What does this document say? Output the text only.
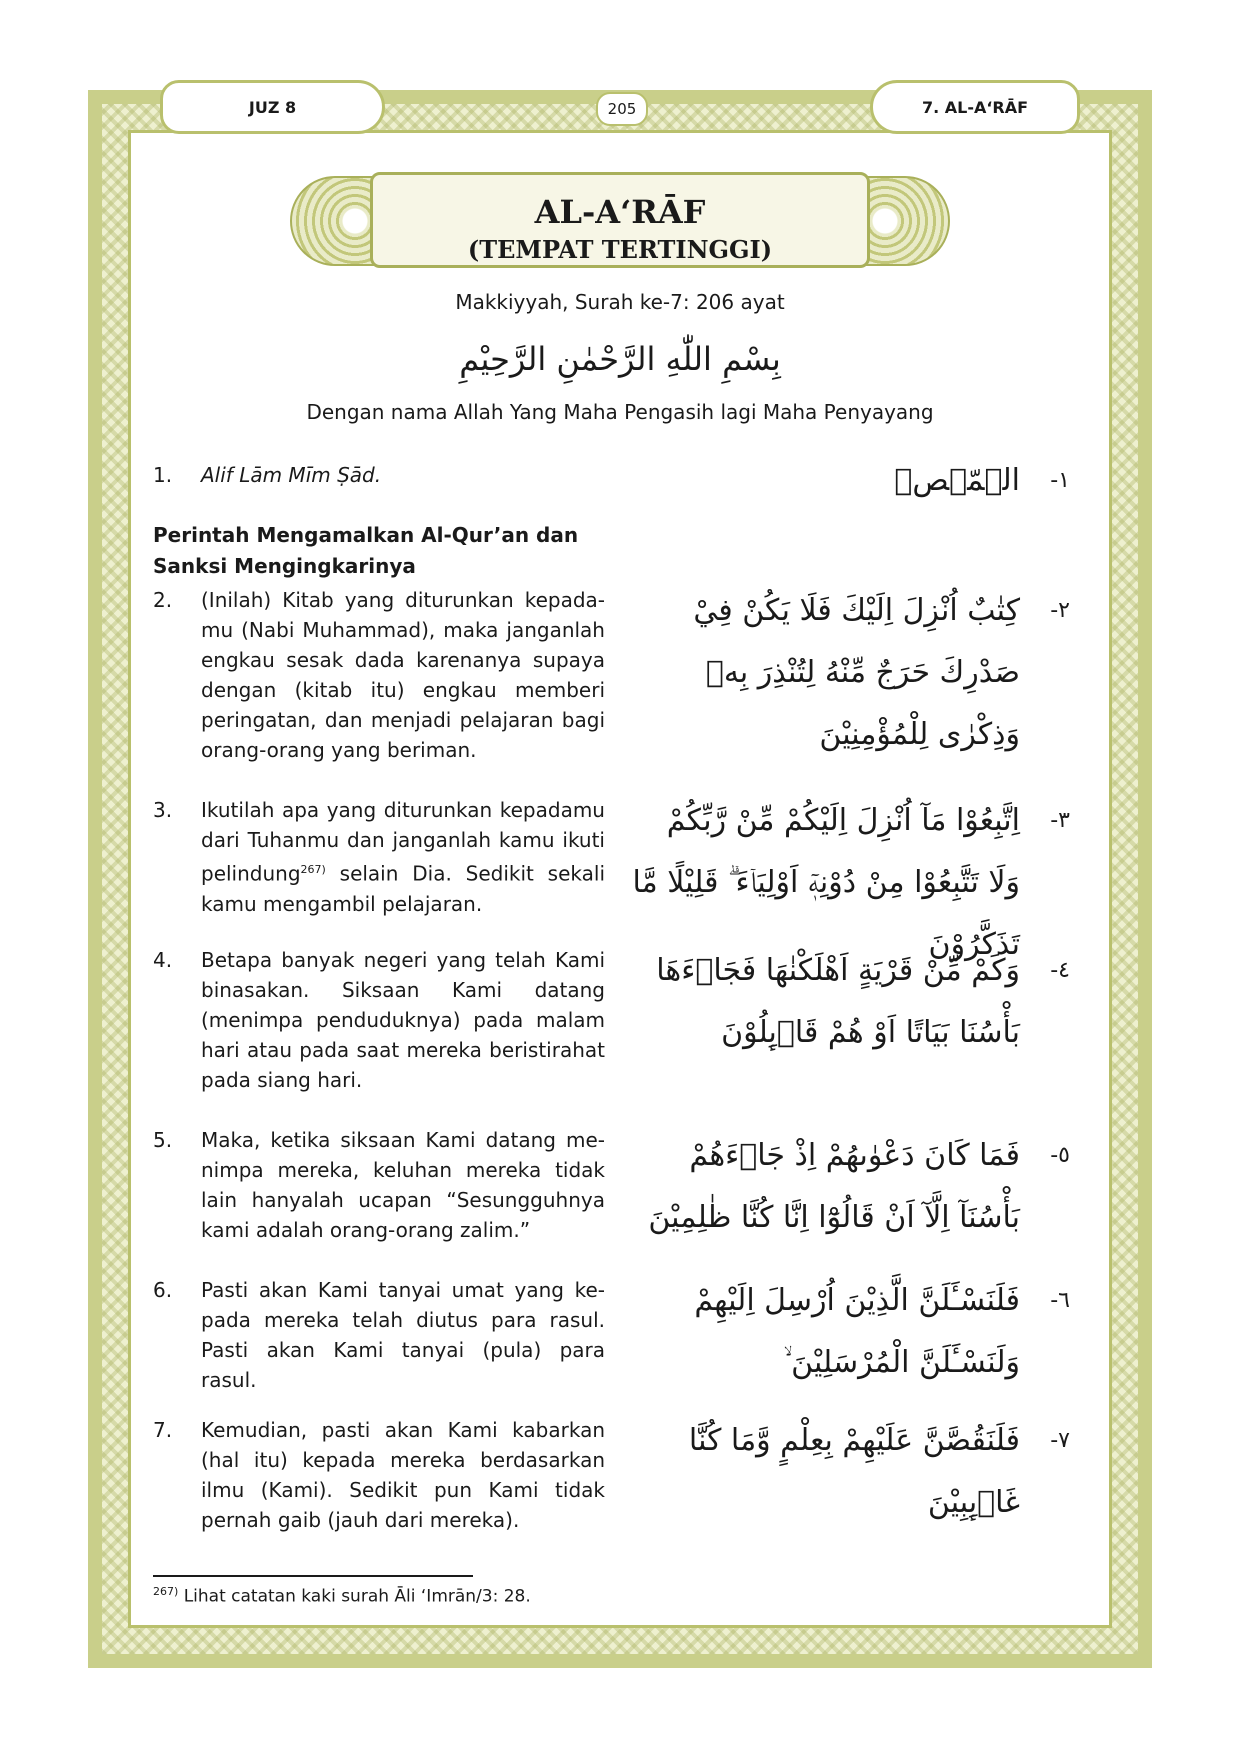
JUZ 8	205	7. AL-A‘RĀF
AL-A‘RĀF
(TEMPAT TERTINGGI)
Makkiyyah, Surah ke-7: 206 ayat
بِسْمِ اللّٰهِ الرَّحْمٰنِ الرَّحِيْمِ
Dengan nama Allah Yang Maha Pengasih lagi Maha Penyayang
1. Alif Lām Mīm Ṣād.	١-
الۤمّۤصۤ
Perintah Mengamalkan Al-Qur’an dan Sanksi Mengingkarinya
2. (Inilah) Kitab yang diturunkan kepadamu (Nabi Muhammad), maka janganlah engkau sesak dada karenanya supaya dengan (kitab itu) engkau memberi peringatan, dan menjadi pelajaran bagi orang-orang yang beriman.
٢-
كِتٰبٌ اُنْزِلَ اِلَيْكَ فَلَا يَكُنْ فِيْ صَدْرِكَ حَرَجٌ مِّنْهُ لِتُنْذِرَ بِهٖ وَذِكْرٰى لِلْمُؤْمِنِيْنَ
3. Ikutilah apa yang diturunkan kepadamu dari Tuhanmu dan janganlah kamu ikuti pelindung$^{267)}$ selain Dia. Sedikit sekali kamu mengambil pelajaran.
٣-
اِتَّبِعُوْا مَآ اُنْزِلَ اِلَيْكُمْ مِّنْ رَّبِّكُمْ وَلَا تَتَّبِعُوْا مِنْ دُوْنِهٖٓ اَوْلِيَاۤءَ ۗ قَلِيْلًا مَّا تَذَكَّرُوْنَ
4. Betapa banyak negeri yang telah Kami binasakan. Siksaan Kami datang (menimpa penduduknya) pada malam hari atau pada saat mereka beristirahat pada siang hari.
٤-
وَكَمْ مِّنْ قَرْيَةٍ اَهْلَكْنٰهَا فَجَاۤءَهَا بَأْسُنَا بَيَاتًا اَوْ هُمْ قَاۤىِٕلُوْنَ
5. Maka, ketika siksaan Kami datang menimpa mereka, keluhan mereka tidak lain hanyalah ucapan “Sesungguhnya kami adalah orang-orang zalim.”
٥-
فَمَا كَانَ دَعْوٰىهُمْ اِذْ جَاۤءَهُمْ بَأْسُنَآ اِلَّآ اَنْ قَالُوْٓا اِنَّا كُنَّا ظٰلِمِيْنَ
6. Pasti akan Kami tanyai umat yang kepada mereka telah diutus para rasul. Pasti akan Kami tanyai (pula) para rasul.
٦-
فَلَنَسْـَٔلَنَّ الَّذِيْنَ اُرْسِلَ اِلَيْهِمْ وَلَنَسْـَٔلَنَّ الْمُرْسَلِيْنَ ۙ
7. Kemudian, pasti akan Kami kabarkan (hal itu) kepada mereka berdasarkan ilmu (Kami). Sedikit pun Kami tidak pernah gaib (jauh dari mereka).
٧-
فَلَنَقُصَّنَّ عَلَيْهِمْ بِعِلْمٍ وَّمَا كُنَّا غَاۤىِٕبِيْنَ
$^{267)}$ Lihat catatan kaki surah Āli ‘Imrān/3: 28.
